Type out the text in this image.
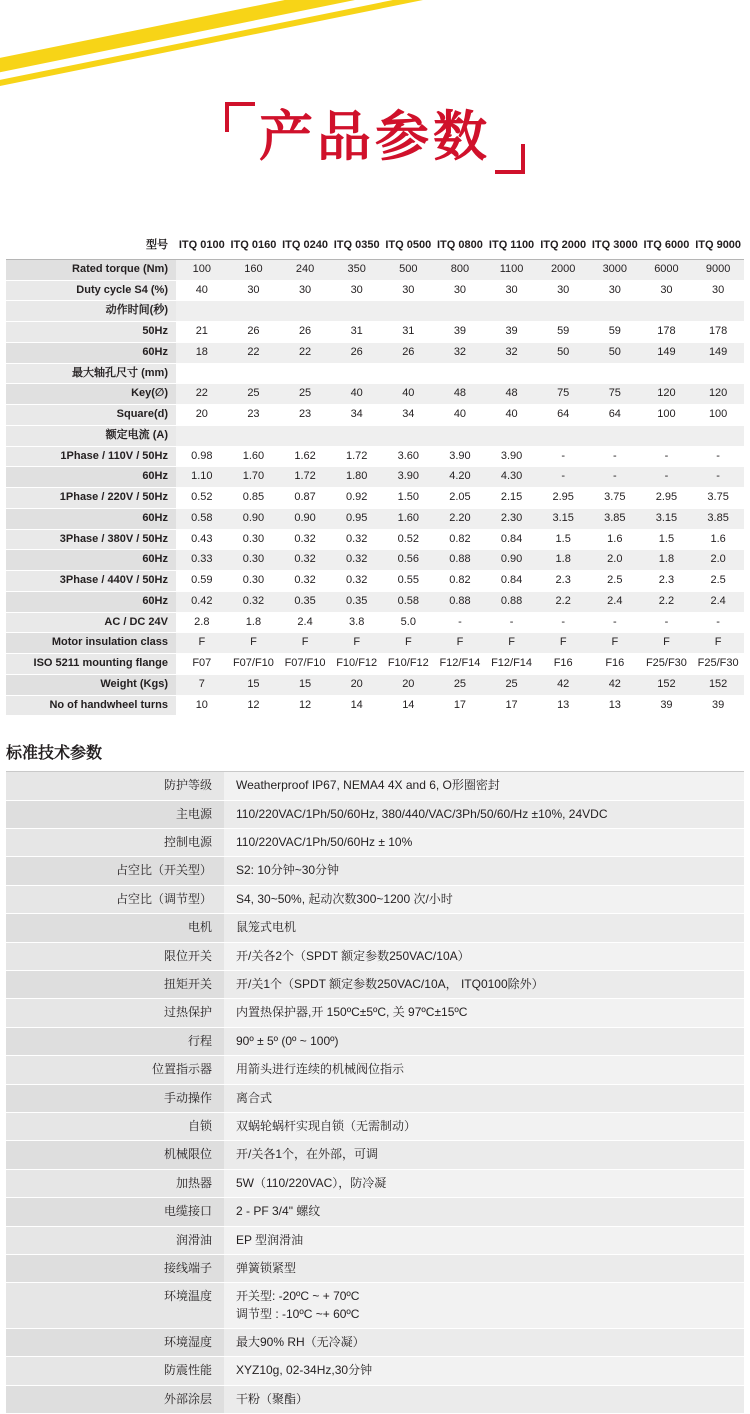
产品参数
型号	ITQ 0100	ITQ 0160	ITQ 0240	ITQ 0350	ITQ 0500	ITQ 0800	ITQ 1100	ITQ 2000	ITQ 3000	ITQ 6000	ITQ 9000
Rated torque (Nm)	100	160	240	350	500	800	1100	2000	3000	6000	9000
Duty cycle S4 (%)	40	30	30	30	30	30	30	30	30	30	30
动作时间(秒)											
50Hz	21	26	26	31	31	39	39	59	59	178	178
60Hz	18	22	22	26	26	32	32	50	50	149	149
最大轴孔尺寸 (mm)											
Key(∅)	22	25	25	40	40	48	48	75	75	120	120
Square(d)	20	23	23	34	34	40	40	64	64	100	100
额定电流 (A)											
1Phase / 110V / 50Hz	0.98	1.60	1.62	1.72	3.60	3.90	3.90	-	-	-	-
60Hz	1.10	1.70	1.72	1.80	3.90	4.20	4.30	-	-	-	-
1Phase / 220V / 50Hz	0.52	0.85	0.87	0.92	1.50	2.05	2.15	2.95	3.75	2.95	3.75
60Hz	0.58	0.90	0.90	0.95	1.60	2.20	2.30	3.15	3.85	3.15	3.85
3Phase / 380V / 50Hz	0.43	0.30	0.32	0.32	0.52	0.82	0.84	1.5	1.6	1.5	1.6
60Hz	0.33	0.30	0.32	0.32	0.56	0.88	0.90	1.8	2.0	1.8	2.0
3Phase / 440V / 50Hz	0.59	0.30	0.32	0.32	0.55	0.82	0.84	2.3	2.5	2.3	2.5
60Hz	0.42	0.32	0.35	0.35	0.58	0.88	0.88	2.2	2.4	2.2	2.4
AC / DC 24V	2.8	1.8	2.4	3.8	5.0	-	-	-	-	-	-
Motor insulation class	F	F	F	F	F	F	F	F	F	F	F
ISO 5211 mounting flange	F07	F07/F10	F07/F10	F10/F12	F10/F12	F12/F14	F12/F14	F16	F16	F25/F30	F25/F30
Weight (Kgs)	7	15	15	20	20	25	25	42	42	152	152
No of handwheel turns	10	12	12	14	14	17	17	13	13	39	39
标准技术参数
防护等级	Weatherproof IP67, NEMA4 4X and 6, O形圈密封

主电源	110/220VAC/1Ph/50/60Hz, 380/440/VAC/3Ph/50/60/Hz ±10%, 24VDC

控制电源	110/220VAC/1Ph/50/60Hz ± 10%

占空比（开关型）	S2: 10分钟~30分钟

占空比（调节型）	S4, 30~50%, 起动次数300~1200 次/小时

电机	鼠笼式电机

限位开关	开/关各2个（SPDT 额定参数250VAC/10A）

扭矩开关	开/关1个（SPDT 额定参数250VAC/10A， ITQ0100除外）

过热保护	内置热保护器,开 150ºC±5ºC, 关 97ºC±15ºC

行程	90º ± 5º (0º ~ 100º)

位置指示器	用箭头进行连续的机械阀位指示

手动操作	离合式

自锁	双蜗轮蜗杆实现自锁（无需制动）

机械限位	开/关各1个，在外部，可调

加热器	5W（110/220VAC），防冷凝

电缆接口	2 - PF 3/4" 螺纹

润滑油	EP 型润滑油

接线端子	弹簧锁紧型

环境温度	开关型: -20ºC ~ + 70ºC
调节型 : -10ºC ~+ 60ºC

环境湿度	最大90% RH（无冷凝）

防震性能	XYZ10g, 02-34Hz,30分钟

外部涂层	干粉（聚酯）
